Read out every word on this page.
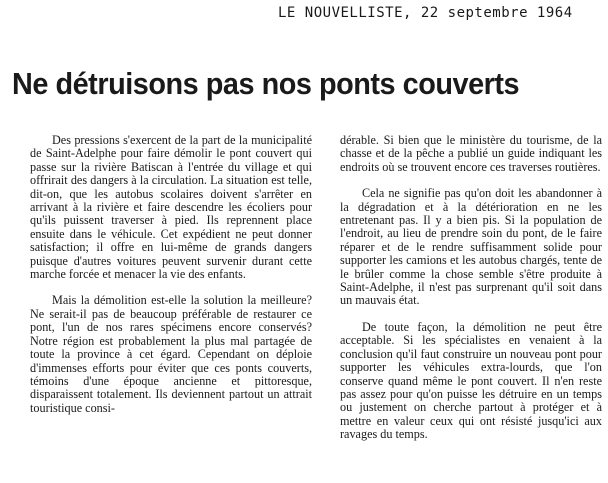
LE NOUVELLISTE, 22 septembre 1964
Ne détruisons pas nos ponts couverts

Des pressions s'exercent de la part de la municipalité de Saint-Adelphe pour faire démolir le pont couvert qui passe sur la rivière Batiscan à l'entrée du village et qui offrirait des dangers à la circulation. La situation est telle, dit-on, que les autobus scolaires doivent s'arrêter en arrivant à la rivière et faire descendre les écoliers pour qu'ils puissent traverser à pied. Ils reprennent place ensuite dans le véhicule. Cet expédient ne peut donner satisfaction; il offre en lui-même de grands dangers puisque d'autres voitures peuvent survenir durant cette marche forcée et menacer la vie des enfants.

Mais la démolition est-elle la solution la meilleure? Ne serait-il pas de beaucoup préférable de restaurer ce pont, l'un de nos rares spécimens encore conservés? Notre région est probablement la plus mal partagée de toute la province à cet égard. Cependant on déploie d'immenses efforts pour éviter que ces ponts couverts, témoins d'une époque ancienne et pittoresque, disparaissent totalement. Ils deviennent partout un attrait touristique consi-

dérable. Si bien que le ministère du tourisme, de la chasse et de la pêche a publié un guide indiquant les endroits où se trouvent encore ces traverses routières.

Cela ne signifie pas qu'on doit les abandonner à la dégradation et à la détérioration en ne les entretenant pas. Il y a bien pis. Si la population de l'endroit, au lieu de prendre soin du pont, de le faire réparer et de le rendre suffisamment solide pour supporter les camions et les autobus chargés, tente de le brûler comme la chose semble s'être produite à Saint-Adelphe, il n'est pas surprenant qu'il soit dans un mauvais état.

De toute façon, la démolition ne peut être acceptable. Si les spécialistes en venaient à la conclusion qu'il faut construire un nouveau pont pour supporter les véhicules extra-lourds, que l'on conserve quand même le pont couvert. Il n'en reste pas assez pour qu'on puisse les détruire en un temps ou justement on cherche partout à protéger et à mettre en valeur ceux qui ont résisté jusqu'ici aux ravages du temps.
